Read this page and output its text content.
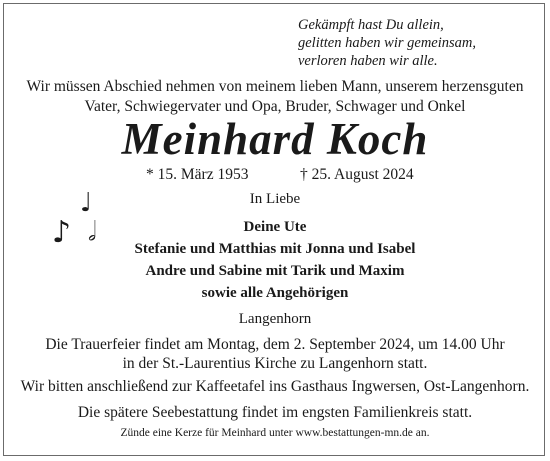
Gekämpft hast Du allein,
gelitten haben wir gemeinsam,
verloren haben wir alle.
Wir müssen Abschied nehmen von meinem lieben Mann, unserem herzensguten
Vater, Schwiegervater und Opa, Bruder, Schwager und Onkel
Meinhard Koch
* 15. März 1953	† 25. August 2024
♩
♪ 𝅗𝅥
In Liebe
Deine Ute
Stefanie und Matthias mit Jonna und Isabel
Andre und Sabine mit Tarik und Maxim
sowie alle Angehörigen
Langenhorn
Die Trauerfeier findet am Montag, dem 2. September 2024, um 14.00 Uhr
in der St.-Laurentius Kirche zu Langenhorn statt.
Wir bitten anschließend zur Kaffeetafel ins Gasthaus Ingwersen, Ost-Langenhorn.
Die spätere Seebestattung findet im engsten Familienkreis statt.
Zünde eine Kerze für Meinhard unter www.bestattungen-mn.de an.
